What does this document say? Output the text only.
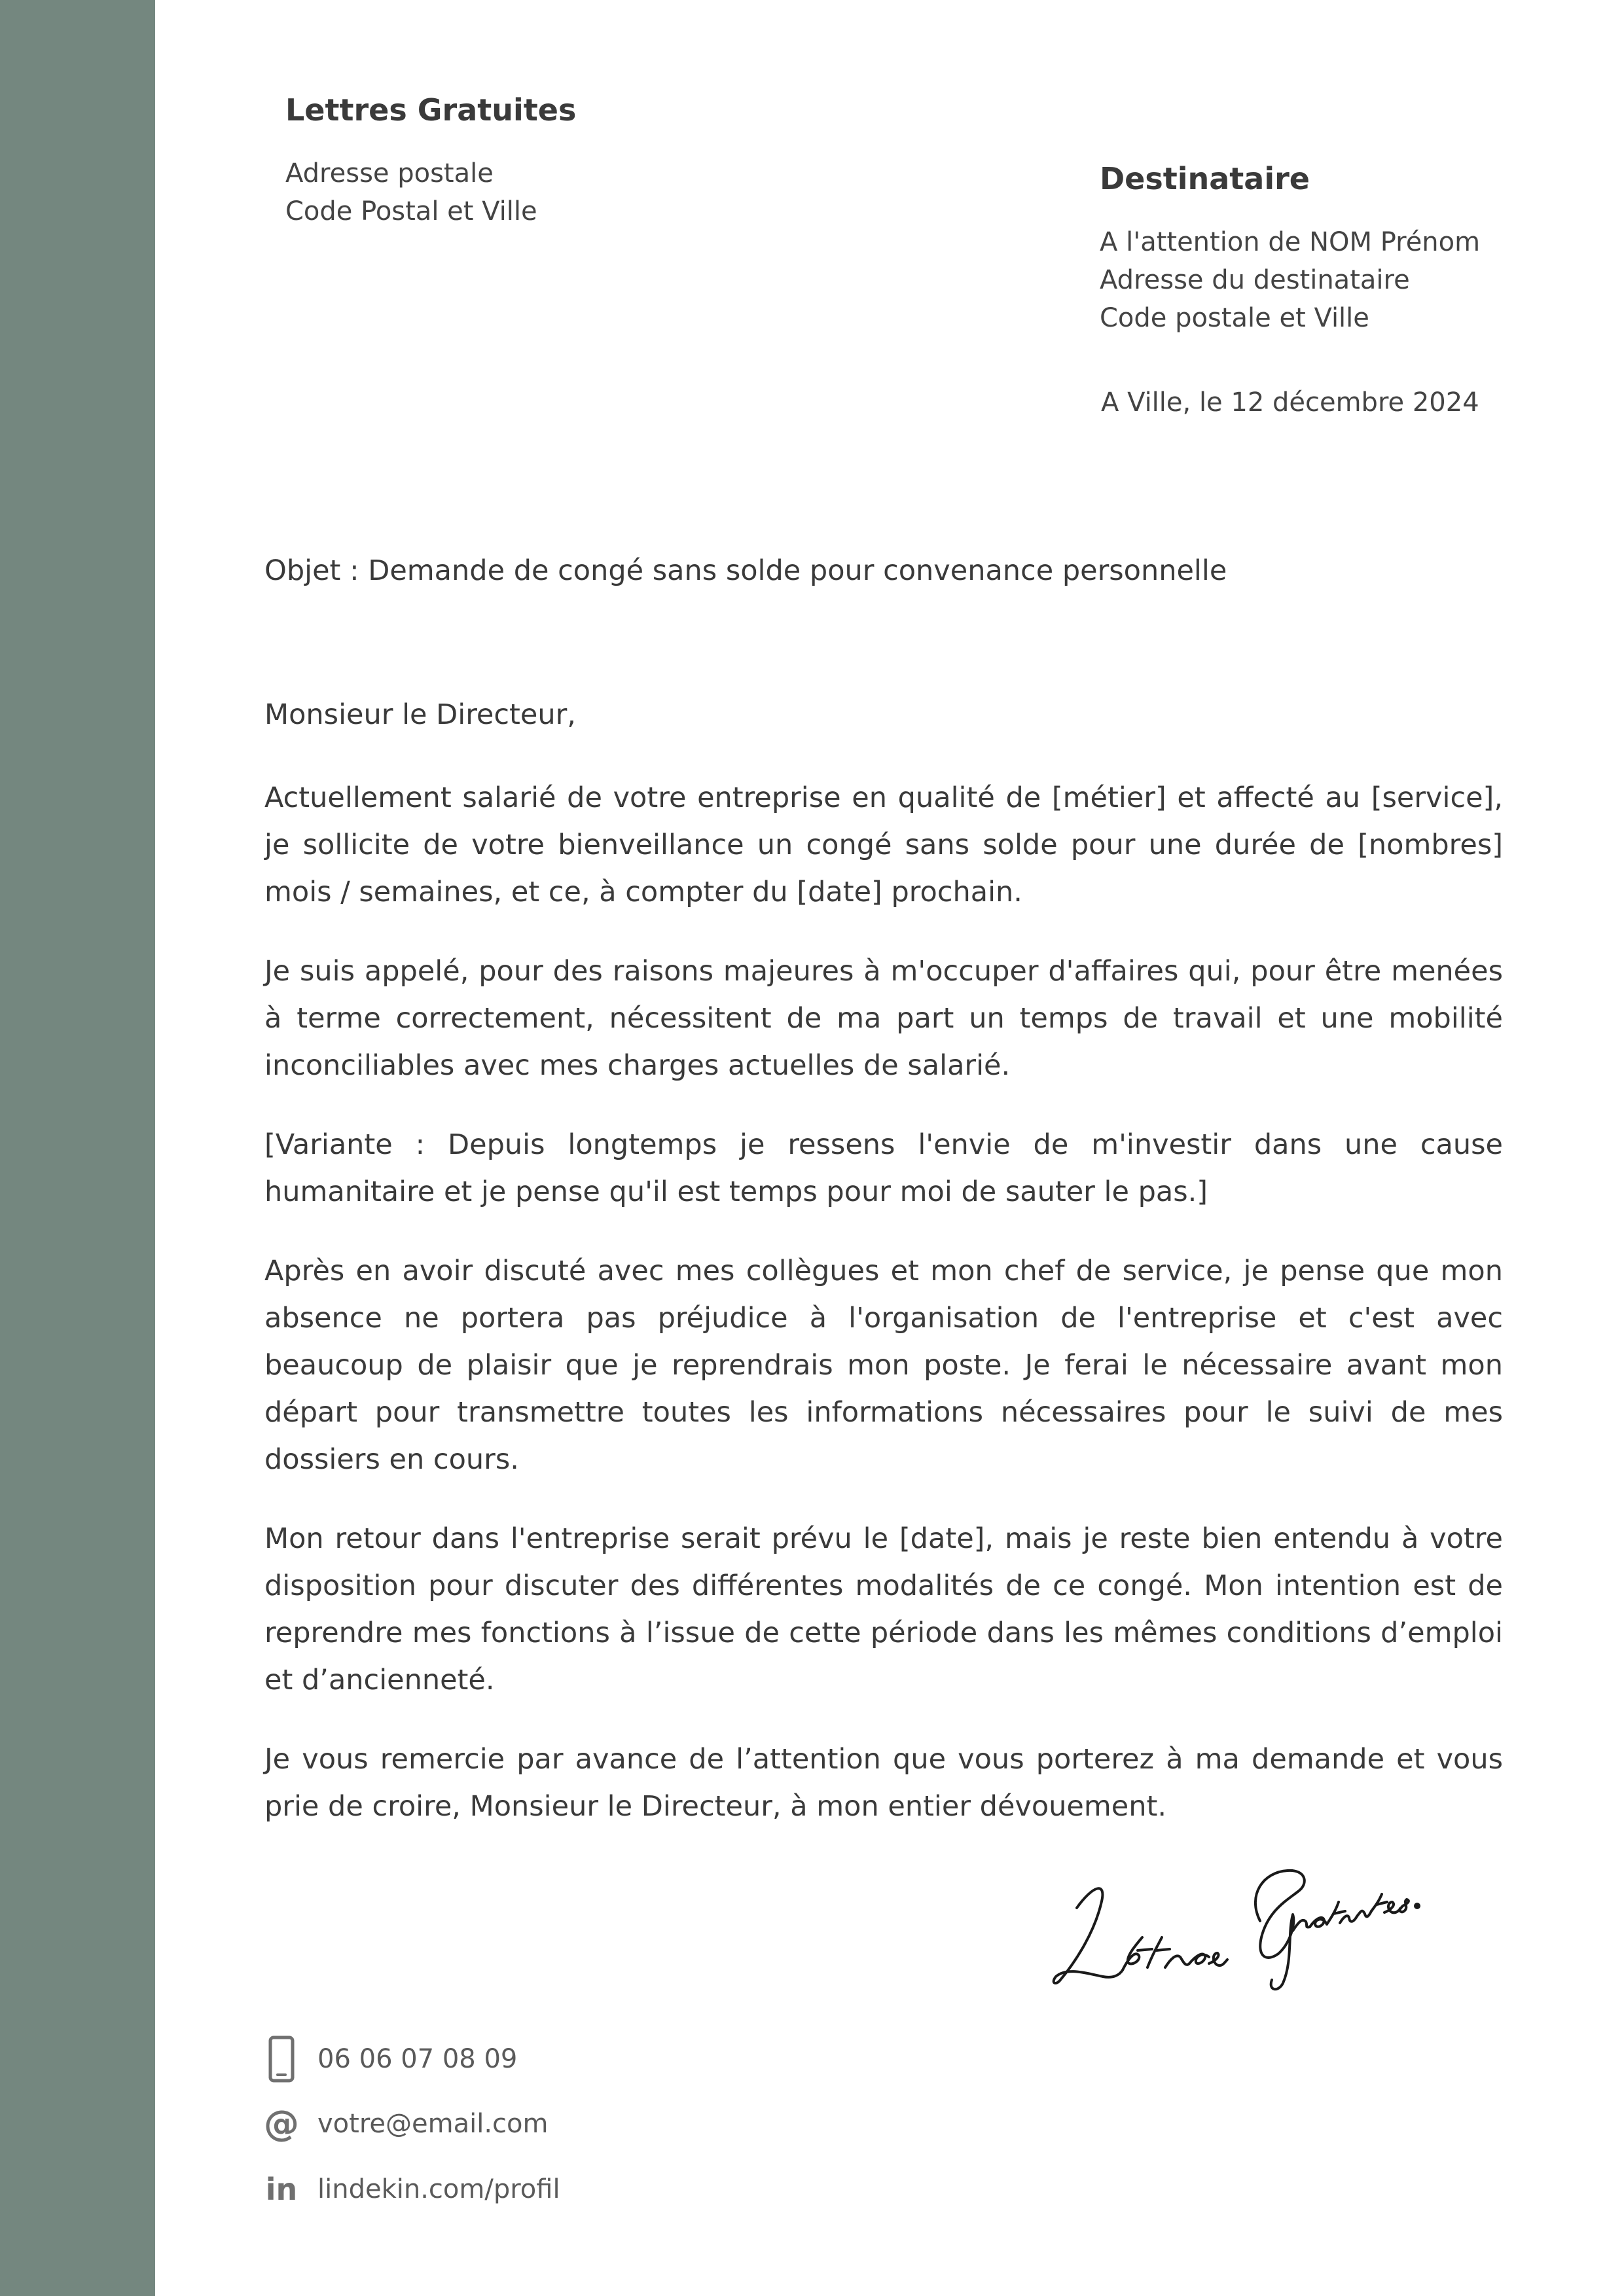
Lettres Gratuites
Adresse postale
Code Postal et Ville
Destinataire
A l'attention de NOM Prénom
Adresse du destinataire
Code postale et Ville
A Ville, le 12 décembre 2024
Objet : Demande de congé sans solde pour convenance personnelle
Monsieur le Directeur,

Actuellement salarié de votre entreprise en qualité de [métier] et affecté au [service], je sollicite de votre bienveillance un congé sans solde pour une durée de [nombres] mois / semaines, et ce, à compter du [date] prochain.

Je suis appelé, pour des raisons majeures à m'occuper d'affaires qui, pour être menées à terme correctement, nécessitent de ma part un temps de travail et une mobilité inconciliables avec mes charges actuelles de salarié.

[Variante : Depuis longtemps je ressens l'envie de m'investir dans une cause humanitaire et je pense qu'il est temps pour moi de sauter le pas.]

Après en avoir discuté avec mes collègues et mon chef de service, je pense que mon absence ne portera pas préjudice à l'organisation de l'entreprise et c'est avec beaucoup de plaisir que je reprendrais mon poste. Je ferai le nécessaire avant mon départ pour transmettre toutes les informations nécessaires pour le suivi de mes dossiers en cours.

Mon retour dans l'entreprise serait prévu le [date], mais je reste bien entendu à votre disposition pour discuter des différentes modalités de ce congé. Mon intention est de reprendre mes fonctions à l’issue de cette période dans les mêmes conditions d’emploi et d’ancienneté.

Je vous remercie par avance de l’attention que vous porterez à ma demande et vous prie de croire, Monsieur le Directeur, à mon entier dévouement.

Lettres Gratuites.
06 06 07 08 09
@ votre@email.com
in lindekin.com/profil
